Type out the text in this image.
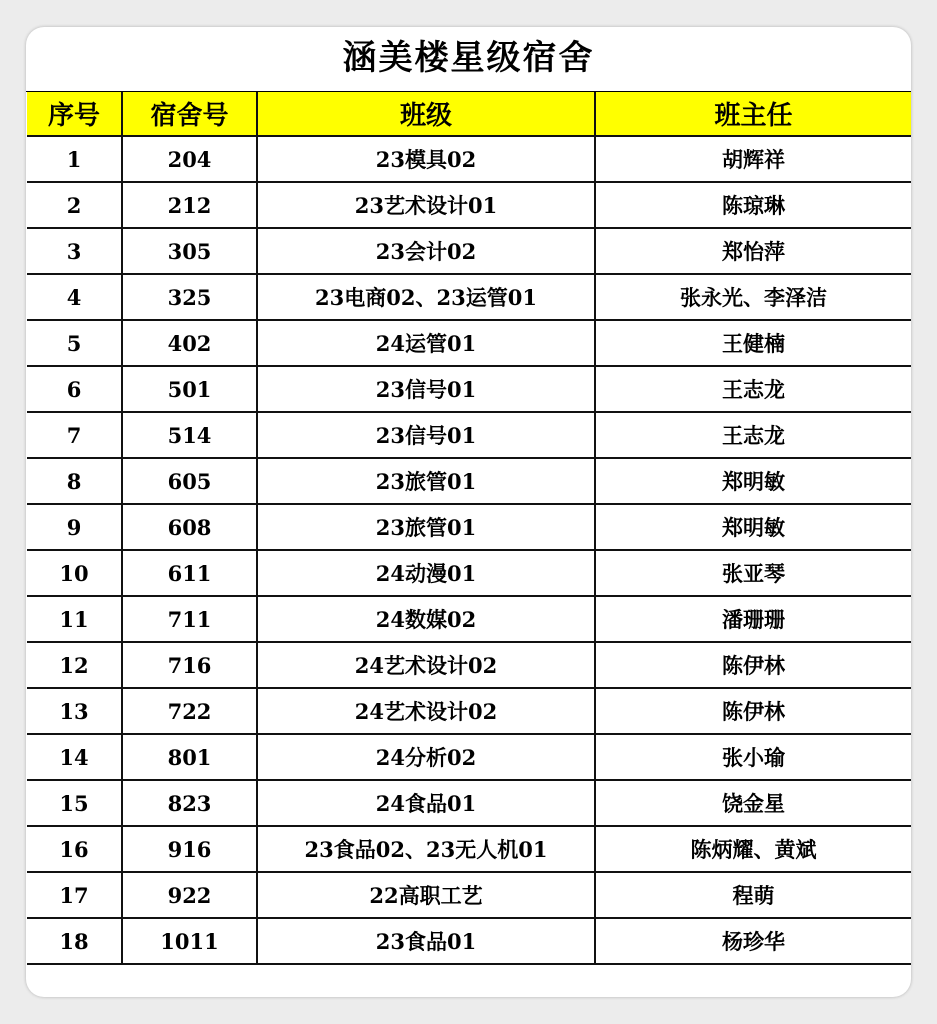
涵美楼星级宿舍
序号	宿舍号	班级	班主任
1	204	23模具02	胡辉祥
2	212	23艺术设计01	陈琼琳
3	305	23会计02	郑怡萍
4	325	23电商02、23运管01	张永光、李泽洁
5	402	24运管01	王健楠
6	501	23信号01	王志龙
7	514	23信号01	王志龙
8	605	23旅管01	郑明敏
9	608	23旅管01	郑明敏
10	611	24动漫01	张亚琴
11	711	24数媒02	潘珊珊
12	716	24艺术设计02	陈伊林
13	722	24艺术设计02	陈伊林
14	801	24分析02	张小瑜
15	823	24食品01	饶金星
16	916	23食品02、23无人机01	陈炳耀、黄斌
17	922	22高职工艺	程萌
18	1011	23食品01	杨珍华
